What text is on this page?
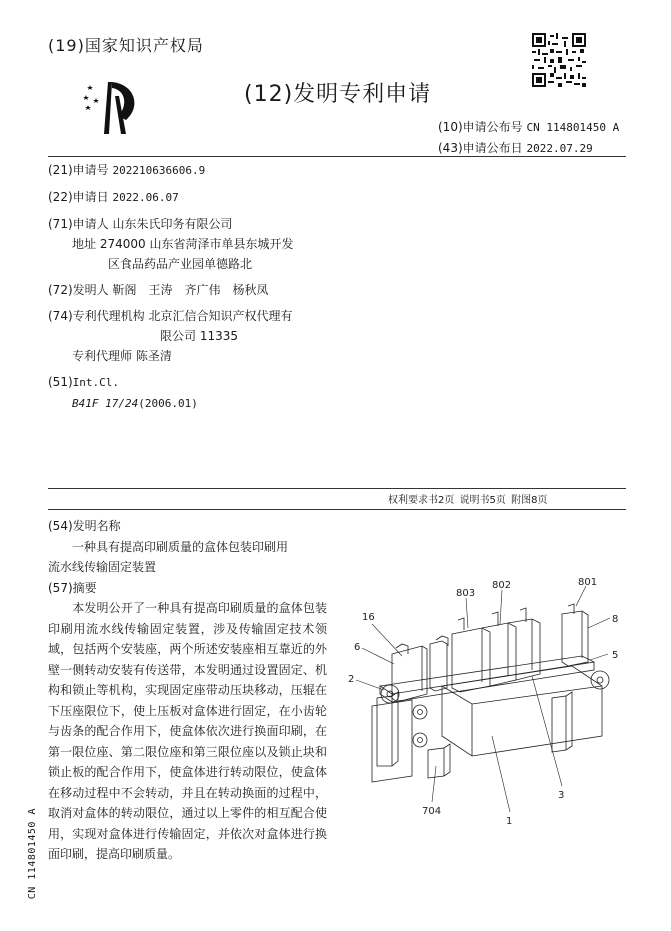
(19)国家知识产权局
(12)发明专利申请
(10)申请公布号 CN 114801450 A
(43)申请公布日 2022.07.29
(21)申请号 202210636606.9
(22)申请日 2022.06.07
(71)申请人 山东朱氏印务有限公司
地址 274000 山东省菏泽市单县东城开发
区食品药品产业园单德路北
(72)发明人 靳阁　王涛　齐广伟　杨秋凤
(74)专利代理机构 北京汇信合知识产权代理有
限公司 11335
专利代理师 陈圣清
(51)Int.Cl.
B41F 17/24(2006.01)
权利要求书2页 说明书5页 附图8页
(54)发明名称
一种具有提高印刷质量的盒体包装印刷用
流水线传输固定装置
(57)摘要
　　本发明公开了一种具有提高印刷质量的盒体包装印刷用流水线传输固定装置，涉及传输固定技术领域，包括两个安装座，两个所述安装座相互靠近的外壁一侧转动安装有传送带，本发明通过设置固定、机构和锁止等机构，实现固定座带动压块移动，压辊在下压座限位下，使上压板对盒体进行固定，在小齿轮与齿条的配合作用下，使盒体依次进行换面印刷，在第一限位座、第二限位座和第三限位座以及锁止块和锁止板的配合作用下，使盒体进行转动限位，使盒体在移动过程中不会转动，并且在转动换面的过程中，取消对盒体的转动限位，通过以上零件的相互配合使用，实现对盒体进行传输固定，并依次对盒体进行换面印刷，提高印刷质量。
CN 114801450 A
16
6
2
803
802	801
8
5
3
1
704
